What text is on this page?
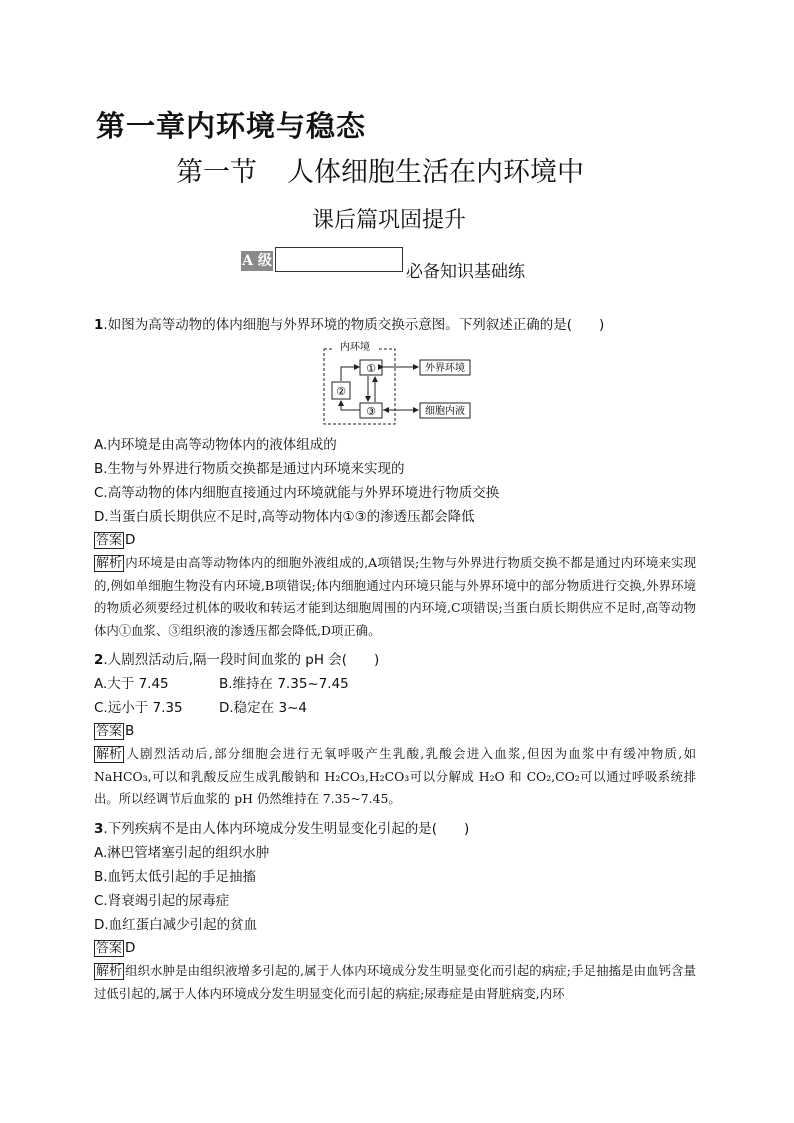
第一章内环境与稳态
第一节 人体细胞生活在内环境中
课后篇巩固提升
A 级
必备知识基础练
1.如图为高等动物的体内细胞与外界环境的物质交换示意图。下列叙述正确的是(　　)
内环境
①
②
③
外界环境
细胞内液
A.内环境是由高等动物体内的液体组成的
B.生物与外界进行物质交换都是通过内环境来实现的
C.高等动物的体内细胞直接通过内环境就能与外界环境进行物质交换
D.当蛋白质长期供应不足时,高等动物体内①③的渗透压都会降低
答案 D
解析 内环境是由高等动物体内的细胞外液组成的,A项错误;生物与外界进行物质交换不都是通过内环境来实现的,例如单细胞生物没有内环境,B项错误;体内细胞通过内环境只能与外界环境中的部分物质进行交换,外界环境的物质必须要经过机体的吸收和转运才能到达细胞周围的内环境,C项错误;当蛋白质长期供应不足时,高等动物体内①血浆、③组织液的渗透压都会降低,D项正确。
2.人剧烈活动后,隔一段时间血浆的 pH 会(　　)
A.大于 7.45	B.维持在 7.35~7.45
C.远小于 7.35	D.稳定在 3~4
答案 B
解析 人剧烈活动后,部分细胞会进行无氧呼吸产生乳酸,乳酸会进入血浆,但因为血浆中有缓冲物质,如 NaHCO₃,可以和乳酸反应生成乳酸钠和 H₂CO₃,H₂CO₃可以分解成 H₂O 和 CO₂,CO₂可以通过呼吸系统排出。所以经调节后血浆的 pH 仍然维持在 7.35~7.45。
3.下列疾病不是由人体内环境成分发生明显变化引起的是(　　)
A.淋巴管堵塞引起的组织水肿
B.血钙太低引起的手足抽搐
C.肾衰竭引起的尿毒症
D.血红蛋白减少引起的贫血
答案 D
解析 组织水肿是由组织液增多引起的,属于人体内环境成分发生明显变化而引起的病症;手足抽搐是由血钙含量过低引起的,属于人体内环境成分发生明显变化而引起的病症;尿毒症是由肾脏病变,内环
